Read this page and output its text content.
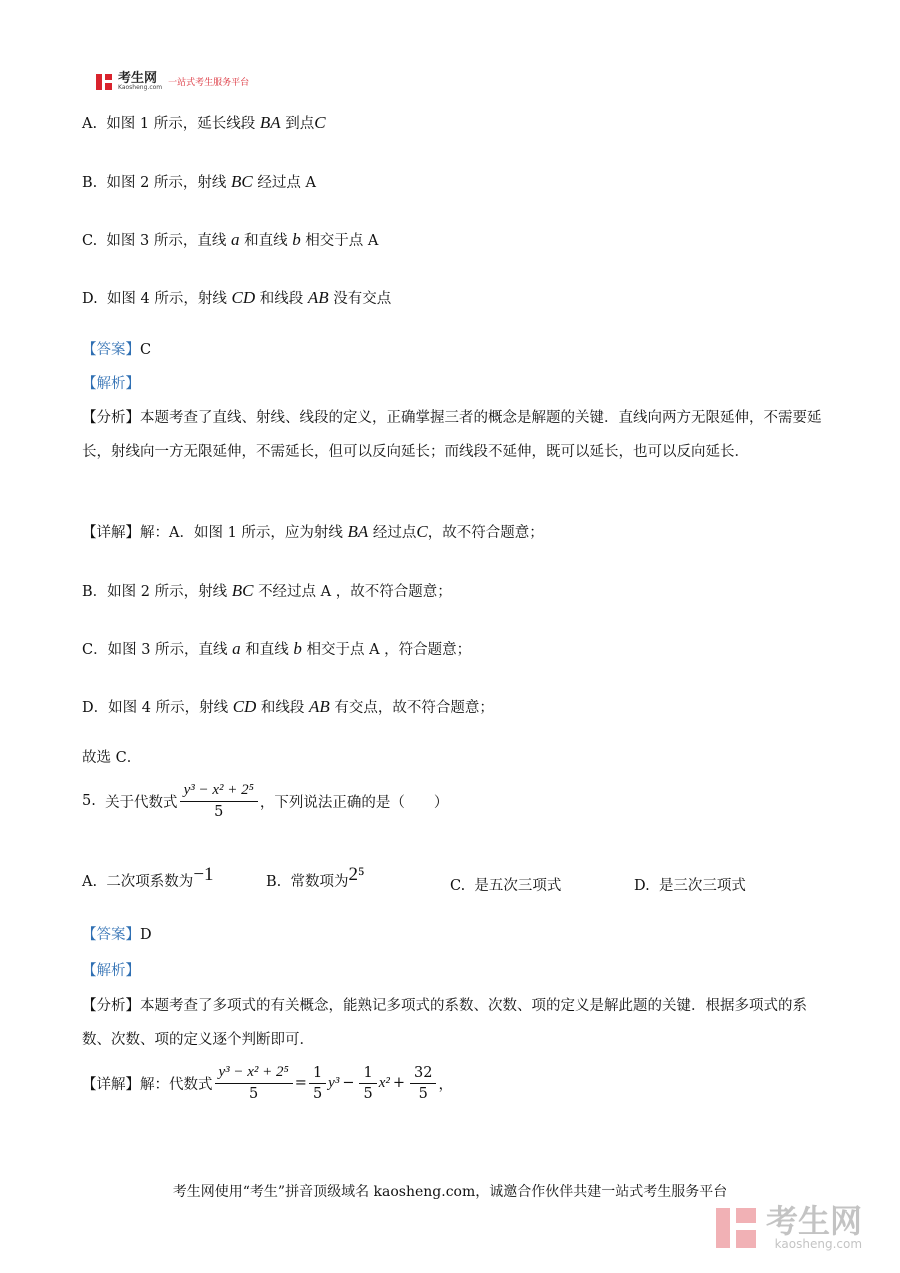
考生网
Kaosheng.com 一站式考生服务平台
A. 如图 1 所示，延长线段 BA 到点C
B. 如图 2 所示，射线 BC 经过点 A
C. 如图 3 所示，直线 a 和直线 b 相交于点 A
D. 如图 4 所示，射线 CD 和线段 AB 没有交点
【答案】C
【解析】
【分析】本题考查了直线、射线、线段的定义，正确掌握三者的概念是解题的关键．直线向两方无限延伸，不需要延长，射线向一方无限延伸，不需延长，但可以反向延长；而线段不延伸，既可以延长，也可以反向延长．
【详解】解：A．如图 1 所示，应为射线 BA 经过点C，故不符合题意；
B．如图 2 所示，射线 BC 不经过点 A ，故不符合题意；
C．如图 3 所示，直线 a 和直线 b 相交于点 A ，符合题意；
D．如图 4 所示，射线 CD 和线段 AB 有交点，故不符合题意；
故选 C．
5.
关于代数式 $\frac{\text{y³ − x² + 2⁵}}{5}$ ，下列说法正确的是（　　）
A. 二次项系数为−1	B. 常数项为2⁵
C. 是五次三项式	D. 是三次三项式
【答案】D
【解析】
【分析】本题考查了多项式的有关概念，能熟记多项式的系数、次数、项的定义是解此题的关键．根据多项式的系数、次数、项的定义逐个判断即可．
【详解】 解：代数式 $\frac{\text{y³ − x² + 2⁵}}{5} = \frac{1}{5} y^3 - \frac{1}{5} x^2 + \frac{32}{5}$ ，
考生网使用“考生”拼音顶级域名 kaosheng.com，诚邀合作伙伴共建一站式考生服务平台
考生网
kaosheng.com
